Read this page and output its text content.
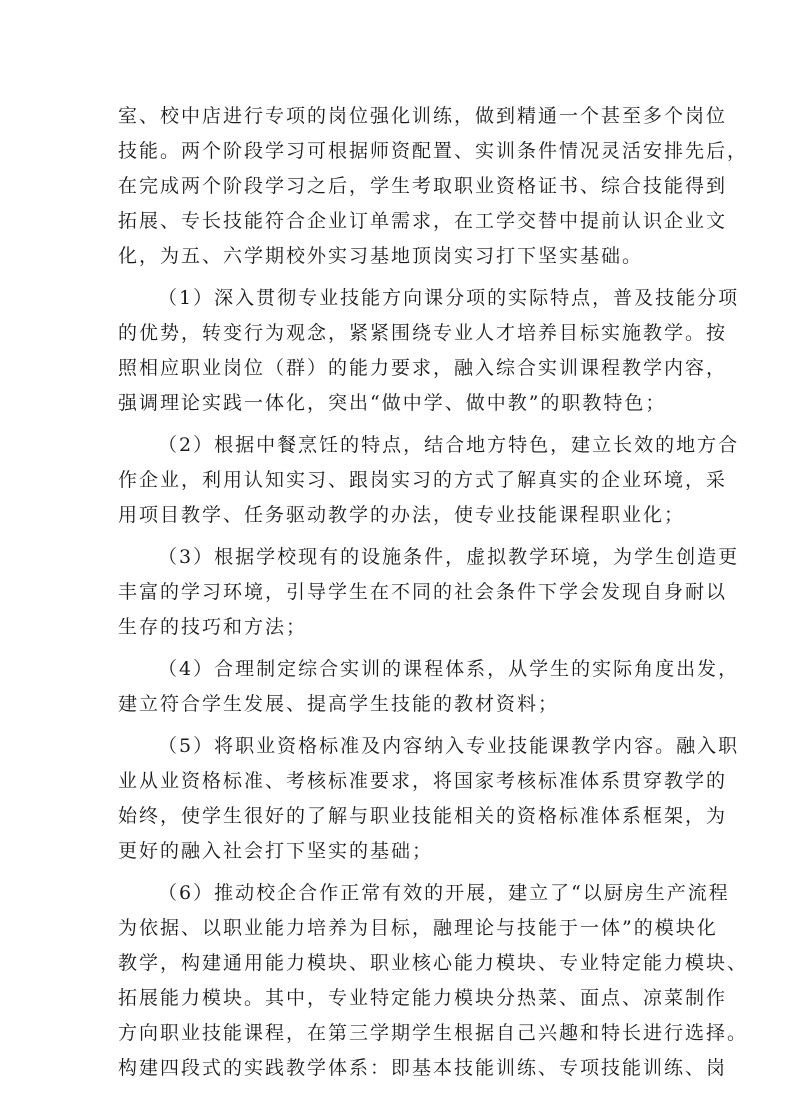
室、校中店进行专项的岗位强化训练，做到精通一个甚至多个岗位
技能。两个阶段学习可根据师资配置、实训条件情况灵活安排先后，
在完成两个阶段学习之后，学生考取职业资格证书、综合技能得到
拓展、专长技能符合企业订单需求，在工学交替中提前认识企业文
化，为五、六学期校外实习基地顶岗实习打下坚实基础。
（1）深入贯彻专业技能方向课分项的实际特点，普及技能分项
的优势，转变行为观念，紧紧围绕专业人才培养目标实施教学。按
照相应职业岗位（群）的能力要求，融入综合实训课程教学内容，
强调理论实践一体化，突出“做中学、做中教”的职教特色；
（2）根据中餐烹饪的特点，结合地方特色，建立长效的地方合
作企业，利用认知实习、跟岗实习的方式了解真实的企业环境，采
用项目教学、任务驱动教学的办法，使专业技能课程职业化；
（3）根据学校现有的设施条件，虚拟教学环境，为学生创造更
丰富的学习环境，引导学生在不同的社会条件下学会发现自身耐以
生存的技巧和方法；
（4）合理制定综合实训的课程体系，从学生的实际角度出发，
建立符合学生发展、提高学生技能的教材资料；
（5）将职业资格标准及内容纳入专业技能课教学内容。融入职
业从业资格标准、考核标准要求，将国家考核标准体系贯穿教学的
始终，使学生很好的了解与职业技能相关的资格标准体系框架，为
更好的融入社会打下坚实的基础；
（6）推动校企合作正常有效的开展，建立了“以厨房生产流程
为依据、以职业能力培养为目标，融理论与技能于一体”的模块化
教学，构建通用能力模块、职业核心能力模块、专业特定能力模块、
拓展能力模块。其中，专业特定能力模块分热菜、面点、凉菜制作
方向职业技能课程，在第三学期学生根据自己兴趣和特长进行选择。
构建四段式的实践教学体系：即基本技能训练、专项技能训练、岗
